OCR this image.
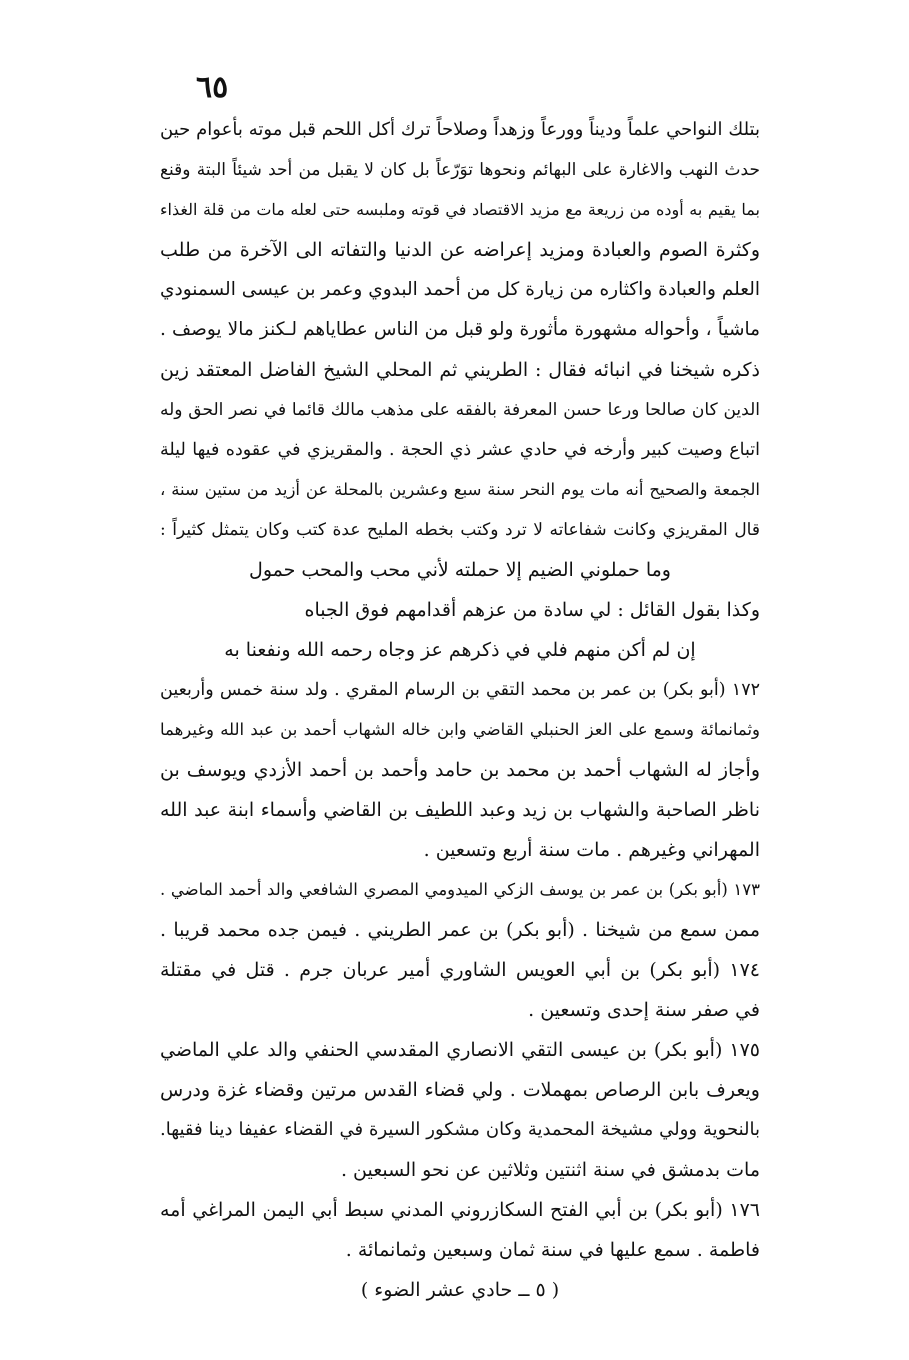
٦٥
بتلك النواحي علماً وديناً وورعاً وزهداً وصلاحاً ترك أكل اللحم قبل موته بأعوام حين
حدث النهب والاغارة على البهائم ونحوها توَرّعاً بل كان لا يقبل من أحد شيئاً البتة وقنع
بما يقيم به أوده من زريعة مع مزيد الاقتصاد في قوته وملبسه حتى لعله مات من قلة الغذاء
وكثرة الصوم والعبادة ومزيد إعراضه عن الدنيا والتفاته الى الآخرة من طلب
العلم والعبادة واكثاره من زيارة كل من أحمد البدوي وعمر بن عيسى السمنودي
ماشياً ، وأحواله مشهورة مأثورة ولو قبل من الناس عطاياهم لـكنز مالا يوصف .
ذكره شيخنا في انبائه فقال : الطريني ثم المحلي الشيخ الفاضل المعتقد زين
الدين كان صالحا ورعا حسن المعرفة بالفقه على مذهب مالك قائما في نصر الحق وله
اتباع وصيت كبير وأرخه في حادي عشر ذي الحجة . والمقريزي في عقوده فيها ليلة
الجمعة والصحيح أنه مات يوم النحر سنة سبع وعشرين بالمحلة عن أزيد من ستين سنة ،
قال المقريزي وكانت شفاعاته لا ترد وكتب بخطه المليح عدة كتب وكان يتمثل كثيراً :
وما حملوني الضيم إلا حملته لأني محب والمحب حمول
وكذا بقول القائل : لي سادة من عزهم أقدامهم فوق الجباه
إن لم أكن منهم فلي في ذكرهم عز وجاه رحمه الله ونفعنا به
١٧٢ (أبو بكر) بن عمر بن محمد التقي بن الرسام المقري . ولد سنة خمس وأربعين
وثمانمائة وسمع على العز الحنبلي القاضي وابن خاله الشهاب أحمد بن عبد الله وغيرهما
وأجاز له الشهاب أحمد بن محمد بن حامد وأحمد بن أحمد الأزدي ويوسف بن
ناظر الصاحبة والشهاب بن زيد وعبد اللطيف بن القاضي وأسماء ابنة عبد الله
المهراني وغيرهم . مات سنة أربع وتسعين .
١٧٣ (أبو بكر) بن عمر بن يوسف الزكي الميدومي المصري الشافعي والد أحمد الماضي .
ممن سمع من شيخنا . (أبو بكر) بن عمر الطريني . فيمن جده محمد قريبا .
١٧٤ (أبو بكر) بن أبي العويس الشاوري أمير عربان جرم . قتل في مقتلة
في صفر سنة إحدى وتسعين .
١٧٥ (أبو بكر) بن عيسى التقي الانصاري المقدسي الحنفي والد علي الماضي
ويعرف بابن الرصاص بمهملات . ولي قضاء القدس مرتين وقضاء غزة ودرس
بالنحوية وولي مشيخة المحمدية وكان مشكور السيرة في القضاء عفيفا دينا فقيها.
مات بدمشق في سنة اثنتين وثلاثين عن نحو السبعين .
١٧٦ (أبو بكر) بن أبي الفتح السكازروني المدني سبط أبي اليمن المراغي أمه
فاطمة . سمع عليها في سنة ثمان وسبعين وثمانمائة .
( ٥ ــ حادي عشر الضوء )
